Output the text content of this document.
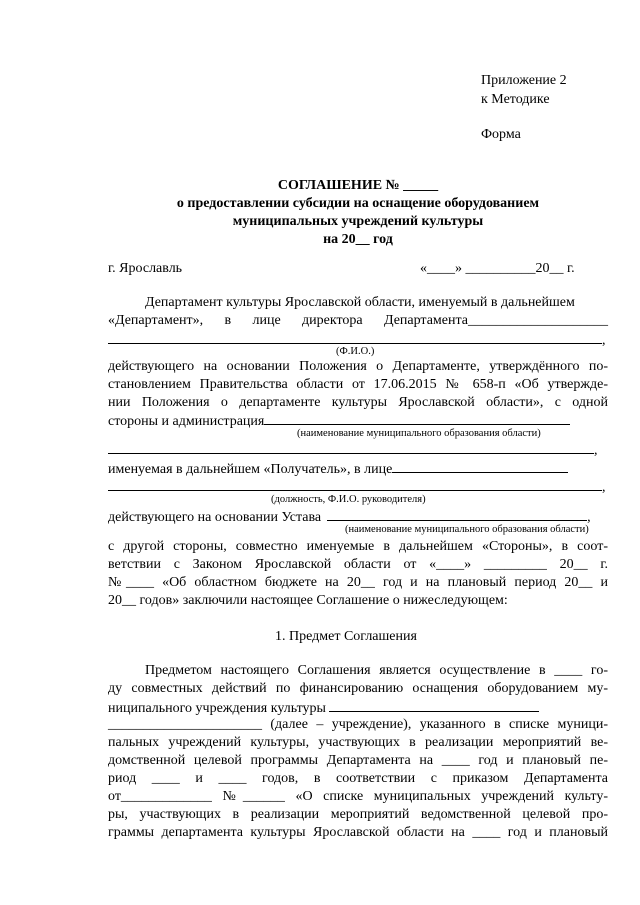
Приложение 2
к Методике
Форма
СОГЛАШЕНИЕ № _____
о предоставлении субсидии на оснащение оборудованием
муниципальных учреждений культуры
на 20__ год
г. Ярославль	«____» __________20__ г.
Департамент культуры Ярославской области, именуемый в дальнейшем
«Департамент», в лице директора Департамента____________________
,
(Ф.И.О.)
действующего на основании Положения о Департаменте, утверждённого по-
становлением Правительства области от 17.06.2015 № 658-п «Об утвержде-
нии Положения о департаменте культуры Ярославской области», с одной
стороны и администрация
(наименование муниципального образования области)
,
именуемая в дальнейшем «Получатель», в лице
,
(должность, Ф.И.О. руководителя)
действующего на основании Устава	,
(наименование муниципального образования области)
с другой стороны, совместно именуемые в дальнейшем «Стороны», в соот-
ветствии с Законом Ярославской области от «____» _________ 20__ г.
№____ «Об областном бюджете на 20__ год и на плановый период 20__ и
20__ годов» заключили настоящее Соглашение о нижеследующем:
1. Предмет Соглашения
Предметом настоящего Соглашения является осуществление в ____ го-
ду совместных действий по финансированию оснащения оборудованием му-
ниципального учреждения культуры
______________________ (далее – учреждение), указанного в списке муници-
пальных учреждений культуры, участвующих в реализации мероприятий ве-
домственной целевой программы Департамента на ____ год и плановый пе-
риод ____ и ____ годов, в соответствии с приказом Департамента
от_____________ №______ «О списке муниципальных учреждений культу-
ры, участвующих в реализации мероприятий ведомственной целевой про-
граммы департамента культуры Ярославской области на ____ год и плановый
